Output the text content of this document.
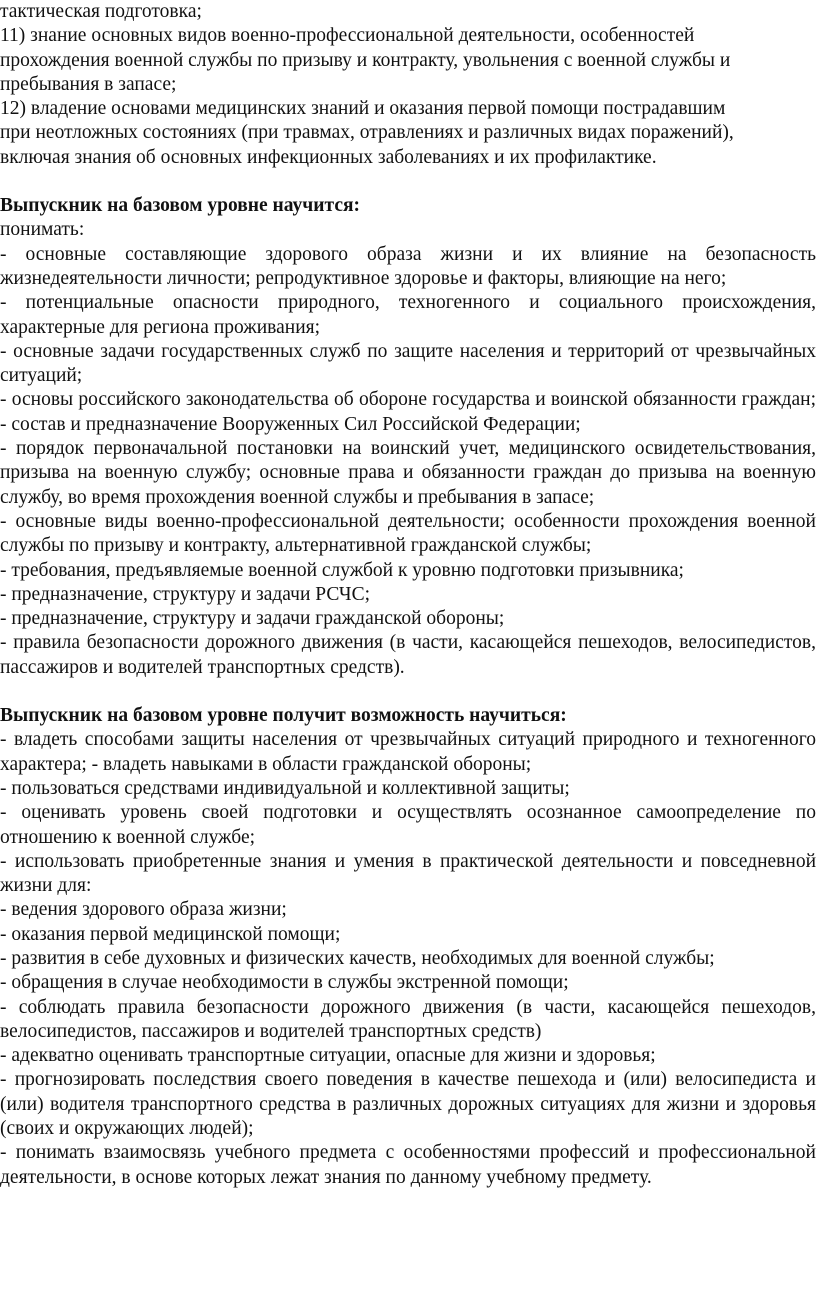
тактическая подготовка;
11) знание основных видов военно-профессиональной деятельности, особенностей
прохождения военной службы по призыву и контракту, увольнения с военной службы и
пребывания в запасе;
12) владение основами медицинских знаний и оказания первой помощи пострадавшим
при неотложных состояниях (при травмах, отравлениях и различных видах поражений),
включая знания об основных инфекционных заболеваниях и их профилактике.
Выпускник на базовом уровне научится:
понимать:
- основные составляющие здорового образа жизни и их влияние на безопасность жизнедеятельности личности; репродуктивное здоровье и факторы, влияющие на него;
- потенциальные опасности природного, техногенного и социального происхождения, характерные для региона проживания;
- основные задачи государственных служб по защите населения и территорий от чрезвычайных ситуаций;
- основы российского законодательства об обороне государства и воинской обязанности граждан; - состав и предназначение Вооруженных Сил Российской Федерации;
- порядок первоначальной постановки на воинский учет, медицинского освидетельствования, призыва на военную службу; основные права и обязанности граждан до призыва на военную службу, во время прохождения военной службы и пребывания в запасе;
- основные виды военно-профессиональной деятельности; особенности прохождения военной службы по призыву и контракту, альтернативной гражданской службы;
- требования, предъявляемые военной службой к уровню подготовки призывника;
- предназначение, структуру и задачи РСЧС;
- предназначение, структуру и задачи гражданской обороны;
- правила безопасности дорожного движения (в части, касающейся пешеходов, велосипедистов, пассажиров и водителей транспортных средств).
Выпускник на базовом уровне получит возможность научиться:
- владеть способами защиты населения от чрезвычайных ситуаций природного и техногенного характера; - владеть навыками в области гражданской обороны;
- пользоваться средствами индивидуальной и коллективной защиты;
- оценивать уровень своей подготовки и осуществлять осознанное самоопределение по отношению к военной службе;
- использовать приобретенные знания и умения в практической деятельности и повседневной жизни для:
- ведения здорового образа жизни;
- оказания первой медицинской помощи;
- развития в себе духовных и физических качеств, необходимых для военной службы;
- обращения в случае необходимости в службы экстренной помощи;
- соблюдать правила безопасности дорожного движения (в части, касающейся пешеходов, велосипедистов, пассажиров и водителей транспортных средств)
- адекватно оценивать транспортные ситуации, опасные для жизни и здоровья;
- прогнозировать последствия своего поведения в качестве пешехода и (или) велосипедиста и (или) водителя транспортного средства в различных дорожных ситуациях для жизни и здоровья (своих и окружающих людей);
- понимать взаимосвязь учебного предмета с особенностями профессий и профессиональной деятельности, в основе которых лежат знания по данному учебному предмету.
